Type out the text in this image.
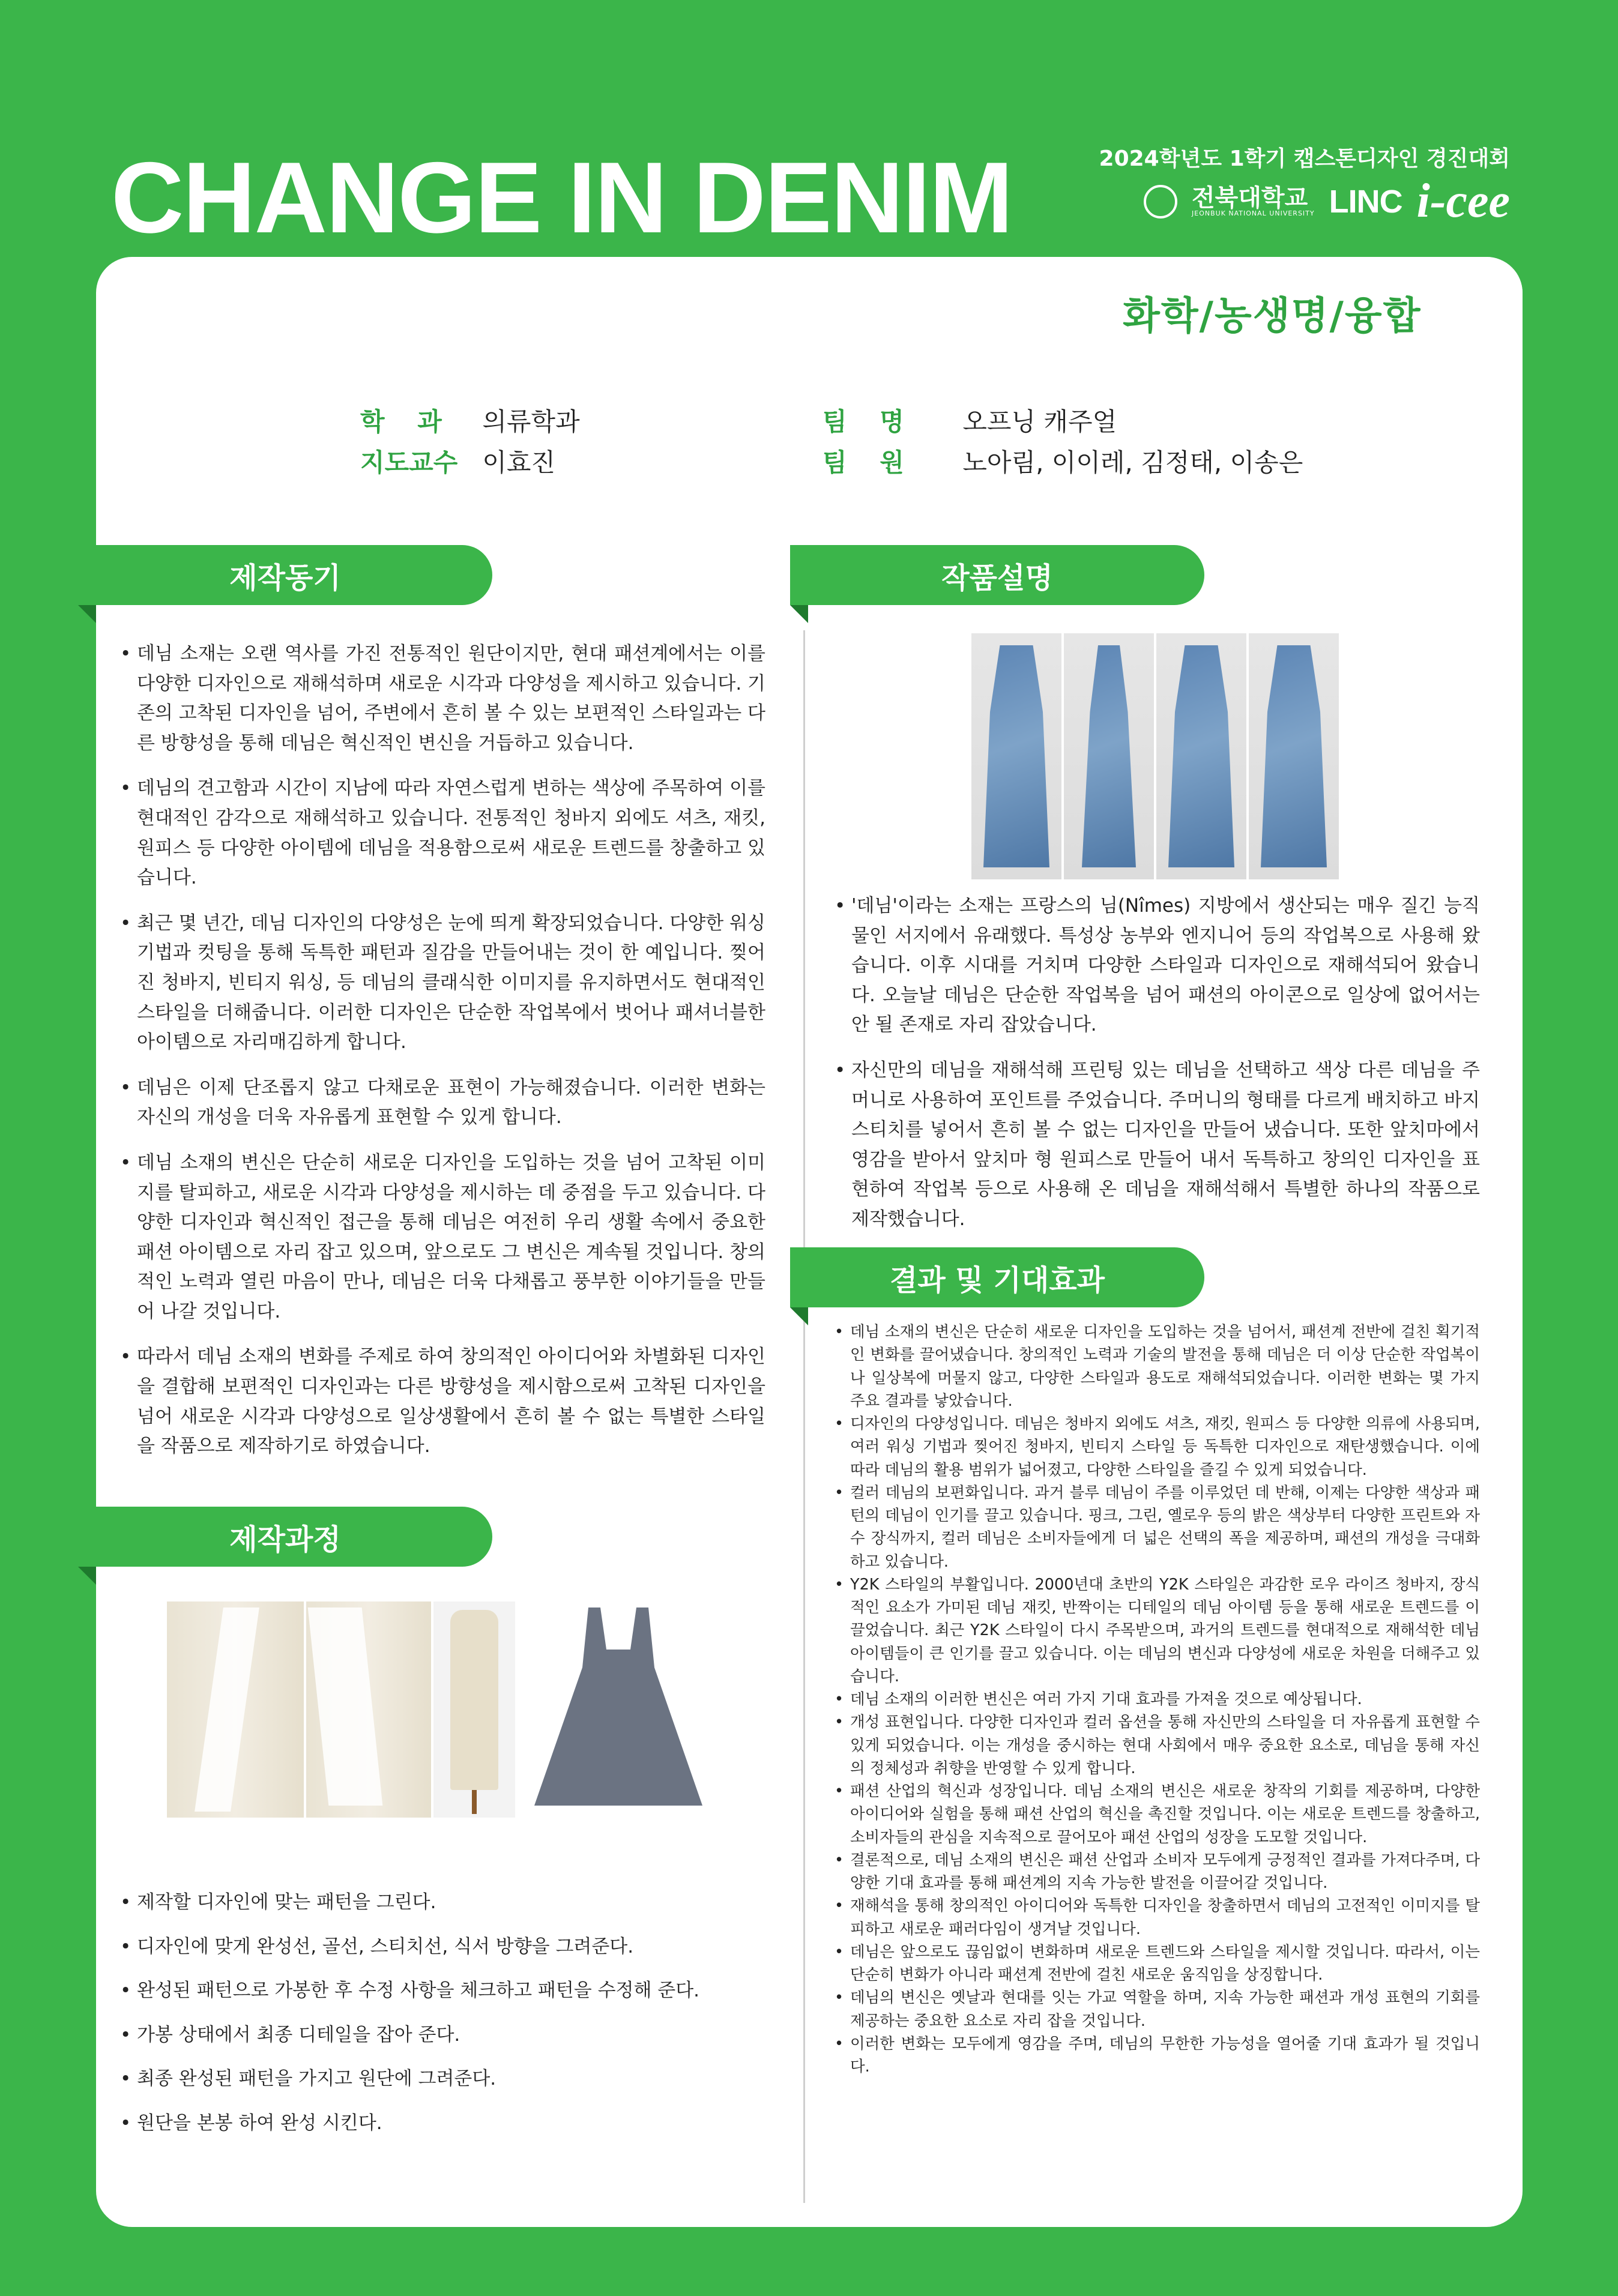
CHANGE IN DENIM	2024학년도 1학기 캡스톤디자인 경진대회
전북대학교
JEONBUK NATIONAL UNIVERSITY LINC i-cee
화학/농생명/융합
학 과 의류학과
지도교수 이효진
팀 명 오프닝 캐주얼
팀 원 노아림, 이이레, 김정태, 이송은
제작동기
• 데님 소재는 오랜 역사를 가진 전통적인 원단이지만, 현대 패션계에서는 이를 다양한 디자인으로 재해석하며 새로운 시각과 다양성을 제시하고 있습니다. 기존의 고착된 디자인을 넘어, 주변에서 흔히 볼 수 있는 보편적인 스타일과는 다른 방향성을 통해 데님은 혁신적인 변신을 거듭하고 있습니다.
• 데님의 견고함과 시간이 지남에 따라 자연스럽게 변하는 색상에 주목하여 이를 현대적인 감각으로 재해석하고 있습니다. 전통적인 청바지 외에도 셔츠, 재킷, 원피스 등 다양한 아이템에 데님을 적용함으로써 새로운 트렌드를 창출하고 있습니다.
• 최근 몇 년간, 데님 디자인의 다양성은 눈에 띄게 확장되었습니다. 다양한 워싱 기법과 컷팅을 통해 독특한 패턴과 질감을 만들어내는 것이 한 예입니다. 찢어진 청바지, 빈티지 워싱, 등 데님의 클래식한 이미지를 유지하면서도 현대적인 스타일을 더해줍니다. 이러한 디자인은 단순한 작업복에서 벗어나 패셔너블한 아이템으로 자리매김하게 합니다.
• 데님은 이제 단조롭지 않고 다채로운 표현이 가능해졌습니다. 이러한 변화는 자신의 개성을 더욱 자유롭게 표현할 수 있게 합니다.
• 데님 소재의 변신은 단순히 새로운 디자인을 도입하는 것을 넘어 고착된 이미지를 탈피하고, 새로운 시각과 다양성을 제시하는 데 중점을 두고 있습니다. 다양한 디자인과 혁신적인 접근을 통해 데님은 여전히 우리 생활 속에서 중요한 패션 아이템으로 자리 잡고 있으며, 앞으로도 그 변신은 계속될 것입니다. 창의적인 노력과 열린 마음이 만나, 데님은 더욱 다채롭고 풍부한 이야기들을 만들어 나갈 것입니다.
• 따라서 데님 소재의 변화를 주제로 하여 창의적인 아이디어와 차별화된 디자인을 결합해 보편적인 디자인과는 다른 방향성을 제시함으로써 고착된 디자인을 넘어 새로운 시각과 다양성으로 일상생활에서 흔히 볼 수 없는 특별한 스타일을 작품으로 제작하기로 하였습니다.
제작과정
• 제작할 디자인에 맞는 패턴을 그린다.
• 디자인에 맞게 완성선, 골선, 스티치선, 식서 방향을 그려준다.
• 완성된 패턴으로 가봉한 후 수정 사항을 체크하고 패턴을 수정해 준다.
• 가봉 상태에서 최종 디테일을 잡아 준다.
• 최종 완성된 패턴을 가지고 원단에 그려준다.
• 원단을 본봉 하여 완성 시킨다.
작품설명
• '데님'이라는 소재는 프랑스의 님(Nîmes) 지방에서 생산되는 매우 질긴 능직물인 서지에서 유래했다. 특성상 농부와 엔지니어 등의 작업복으로 사용해 왔습니다. 이후 시대를 거치며 다양한 스타일과 디자인으로 재해석되어 왔습니다. 오늘날 데님은 단순한 작업복을 넘어 패션의 아이콘으로 일상에 없어서는 안 될 존재로 자리 잡았습니다.
• 자신만의 데님을 재해석해 프린팅 있는 데님을 선택하고 색상 다른 데님을 주머니로 사용하여 포인트를 주었습니다. 주머니의 형태를 다르게 배치하고 바지 스티치를 넣어서 흔히 볼 수 없는 디자인을 만들어 냈습니다. 또한 앞치마에서 영감을 받아서 앞치마 형 원피스로 만들어 내서 독특하고 창의인 디자인을 표현하여 작업복 등으로 사용해 온 데님을 재해석해서 특별한 하나의 작품으로 제작했습니다.
결과 및 기대효과
• 데님 소재의 변신은 단순히 새로운 디자인을 도입하는 것을 넘어서, 패션계 전반에 걸친 획기적인 변화를 끌어냈습니다. 창의적인 노력과 기술의 발전을 통해 데님은 더 이상 단순한 작업복이나 일상복에 머물지 않고, 다양한 스타일과 용도로 재해석되었습니다. 이러한 변화는 몇 가지 주요 결과를 낳았습니다.
• 디자인의 다양성입니다. 데님은 청바지 외에도 셔츠, 재킷, 원피스 등 다양한 의류에 사용되며, 여러 워싱 기법과 찢어진 청바지, 빈티지 스타일 등 독특한 디자인으로 재탄생했습니다. 이에 따라 데님의 활용 범위가 넓어졌고, 다양한 스타일을 즐길 수 있게 되었습니다.
• 컬러 데님의 보편화입니다. 과거 블루 데님이 주를 이루었던 데 반해, 이제는 다양한 색상과 패턴의 데님이 인기를 끌고 있습니다. 핑크, 그린, 옐로우 등의 밝은 색상부터 다양한 프린트와 자수 장식까지, 컬러 데님은 소비자들에게 더 넓은 선택의 폭을 제공하며, 패션의 개성을 극대화하고 있습니다.
• Y2K 스타일의 부활입니다. 2000년대 초반의 Y2K 스타일은 과감한 로우 라이즈 청바지, 장식적인 요소가 가미된 데님 재킷, 반짝이는 디테일의 데님 아이템 등을 통해 새로운 트렌드를 이끌었습니다. 최근 Y2K 스타일이 다시 주목받으며, 과거의 트렌드를 현대적으로 재해석한 데님 아이템들이 큰 인기를 끌고 있습니다. 이는 데님의 변신과 다양성에 새로운 차원을 더해주고 있습니다.
• 데님 소재의 이러한 변신은 여러 가지 기대 효과를 가져올 것으로 예상됩니다.
• 개성 표현입니다. 다양한 디자인과 컬러 옵션을 통해 자신만의 스타일을 더 자유롭게 표현할 수 있게 되었습니다. 이는 개성을 중시하는 현대 사회에서 매우 중요한 요소로, 데님을 통해 자신의 정체성과 취향을 반영할 수 있게 합니다.
• 패션 산업의 혁신과 성장입니다. 데님 소재의 변신은 새로운 창작의 기회를 제공하며, 다양한 아이디어와 실험을 통해 패션 산업의 혁신을 촉진할 것입니다. 이는 새로운 트렌드를 창출하고, 소비자들의 관심을 지속적으로 끌어모아 패션 산업의 성장을 도모할 것입니다.
• 결론적으로, 데님 소재의 변신은 패션 산업과 소비자 모두에게 긍정적인 결과를 가져다주며, 다양한 기대 효과를 통해 패션계의 지속 가능한 발전을 이끌어갈 것입니다.
• 재해석을 통해 창의적인 아이디어와 독특한 디자인을 창출하면서 데님의 고전적인 이미지를 탈피하고 새로운 패러다임이 생겨날 것입니다.
• 데님은 앞으로도 끊임없이 변화하며 새로운 트렌드와 스타일을 제시할 것입니다. 따라서, 이는 단순히 변화가 아니라 패션계 전반에 걸친 새로운 움직임을 상징합니다.
• 데님의 변신은 옛날과 현대를 잇는 가교 역할을 하며, 지속 가능한 패션과 개성 표현의 기회를 제공하는 중요한 요소로 자리 잡을 것입니다.
• 이러한 변화는 모두에게 영감을 주며, 데님의 무한한 가능성을 열어줄 기대 효과가 될 것입니다.
